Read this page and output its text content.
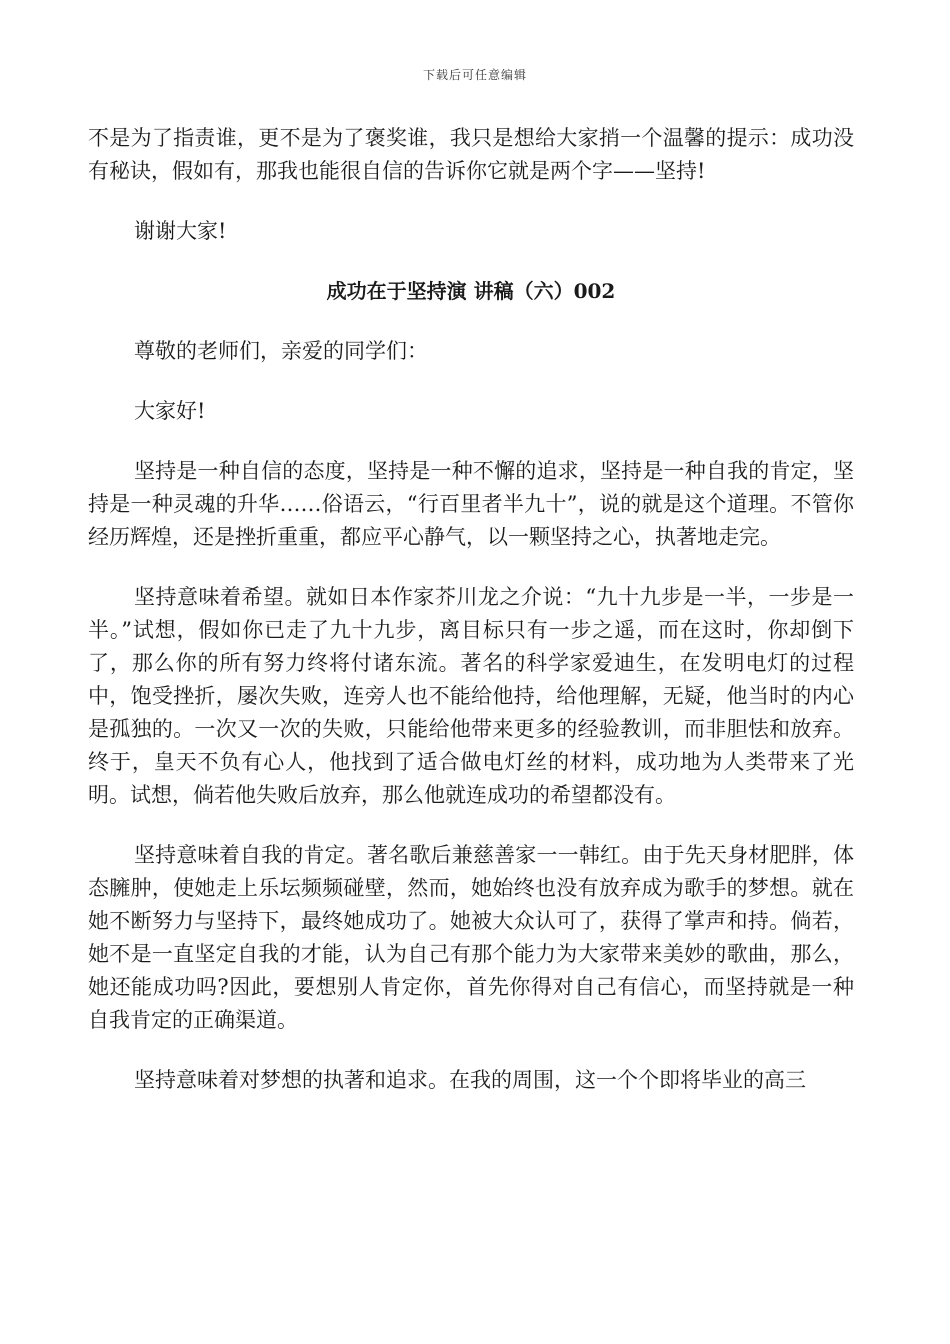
下载后可任意编辑

不是为了指责谁，更不是为了褒奖谁，我只是想给大家捎一个温馨的提示：成功没有秘诀，假如有，那我也能很自信的告诉你它就是两个字——坚持!

谢谢大家!

成功在于坚持演 讲稿（六）002

尊敬的老师们，亲爱的同学们：

大家好!

坚持是一种自信的态度，坚持是一种不懈的追求，坚持是一种自我的肯定，坚持是一种灵魂的升华……俗语云，“行百里者半九十”，说的就是这个道理。不管你经历辉煌，还是挫折重重，都应平心静气，以一颗坚持之心，执著地走完。

坚持意味着希望。就如日本作家芥川龙之介说：“九十九步是一半，一步是一半。”试想，假如你已走了九十九步，离目标只有一步之遥，而在这时，你却倒下了，那么你的所有努力终将付诸东流。著名的科学家爱迪生，在发明电灯的过程中，饱受挫折，屡次失败，连旁人也不能给他持，给他理解，无疑，他当时的内心是孤独的。一次又一次的失败，只能给他带来更多的经验教训，而非胆怯和放弃。终于，皇天不负有心人，他找到了适合做电灯丝的材料，成功地为人类带来了光明。试想，倘若他失败后放弃，那么他就连成功的希望都没有。

坚持意味着自我的肯定。著名歌后兼慈善家一一韩红。由于先天身材肥胖，体态臃肿，使她走上乐坛频频碰壁，然而，她始终也没有放弃成为歌手的梦想。就在她不断努力与坚持下，最终她成功了。她被大众认可了，获得了掌声和持。倘若，她不是一直坚定自我的才能，认为自己有那个能力为大家带来美妙的歌曲，那么，她还能成功吗?因此，要想别人肯定你，首先你得对自己有信心，而坚持就是一种自我肯定的正确渠道。

坚持意味着对梦想的执著和追求。在我的周围，这一个个即将毕业的高三
